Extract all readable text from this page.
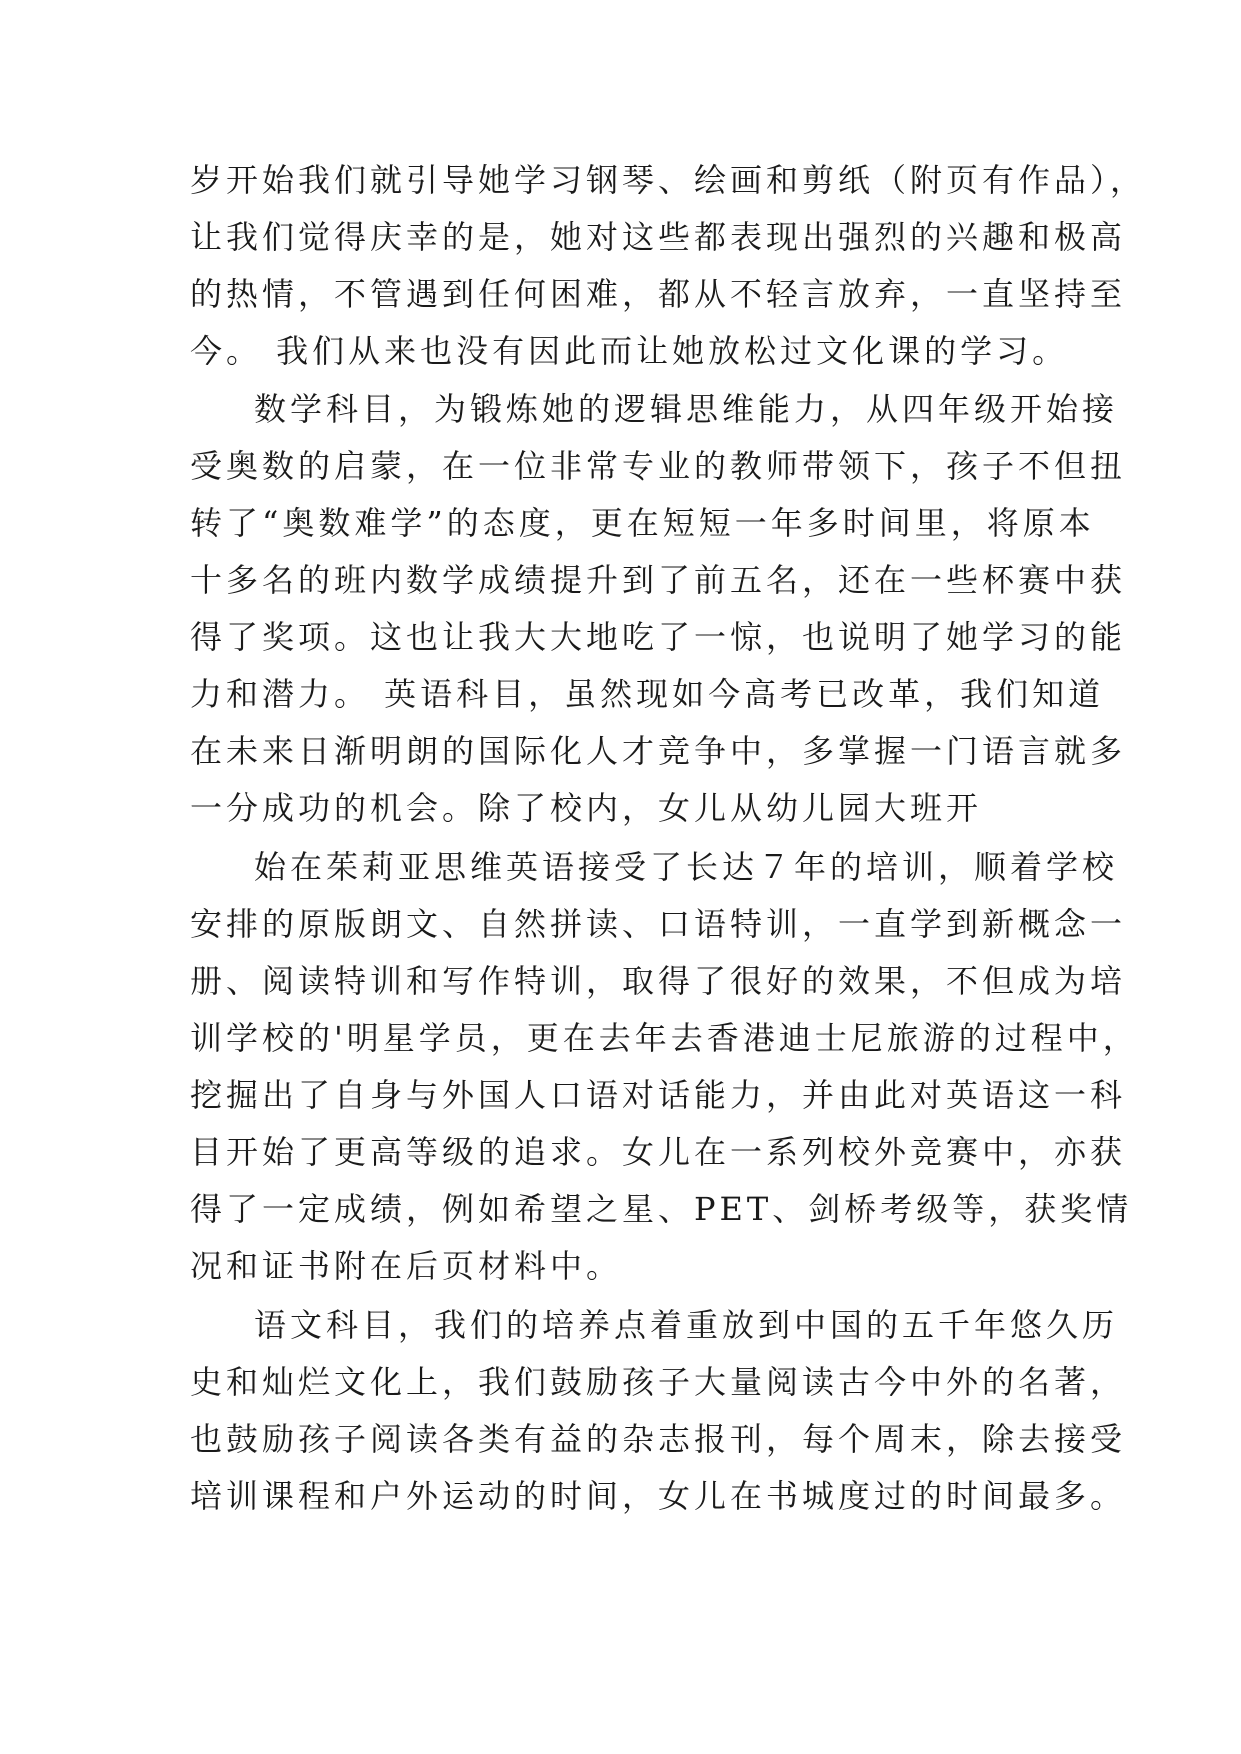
岁开始我们就引导她学习钢琴、绘画和剪纸（附页有作品），
让我们觉得庆幸的是，她对这些都表现出强烈的兴趣和极高
的热情，不管遇到任何困难，都从不轻言放弃，一直坚持至
今。 我们从来也没有因此而让她放松过文化课的学习。
数学科目，为锻炼她的逻辑思维能力，从四年级开始接
受奥数的启蒙，在一位非常专业的教师带领下，孩子不但扭
转了“奥数难学”的态度，更在短短一年多时间里，将原本
十多名的班内数学成绩提升到了前五名，还在一些杯赛中获
得了奖项。这也让我大大地吃了一惊，也说明了她学习的能
力和潜力。 英语科目，虽然现如今高考已改革，我们知道
在未来日渐明朗的国际化人才竞争中，多掌握一门语言就多
一分成功的机会。除了校内，女儿从幼儿园大班开
始在茱莉亚思维英语接受了长达７年的培训，顺着学校
安排的原版朗文、自然拼读、口语特训，一直学到新概念一
册、阅读特训和写作特训，取得了很好的效果，不但成为培
训学校的'明星学员，更在去年去香港迪士尼旅游的过程中，
挖掘出了自身与外国人口语对话能力，并由此对英语这一科
目开始了更高等级的追求。女儿在一系列校外竞赛中，亦获
得了一定成绩，例如希望之星、PET、剑桥考级等，获奖情
况和证书附在后页材料中。
语文科目，我们的培养点着重放到中国的五千年悠久历
史和灿烂文化上，我们鼓励孩子大量阅读古今中外的名著，
也鼓励孩子阅读各类有益的杂志报刊，每个周末，除去接受
培训课程和户外运动的时间，女儿在书城度过的时间最多。
